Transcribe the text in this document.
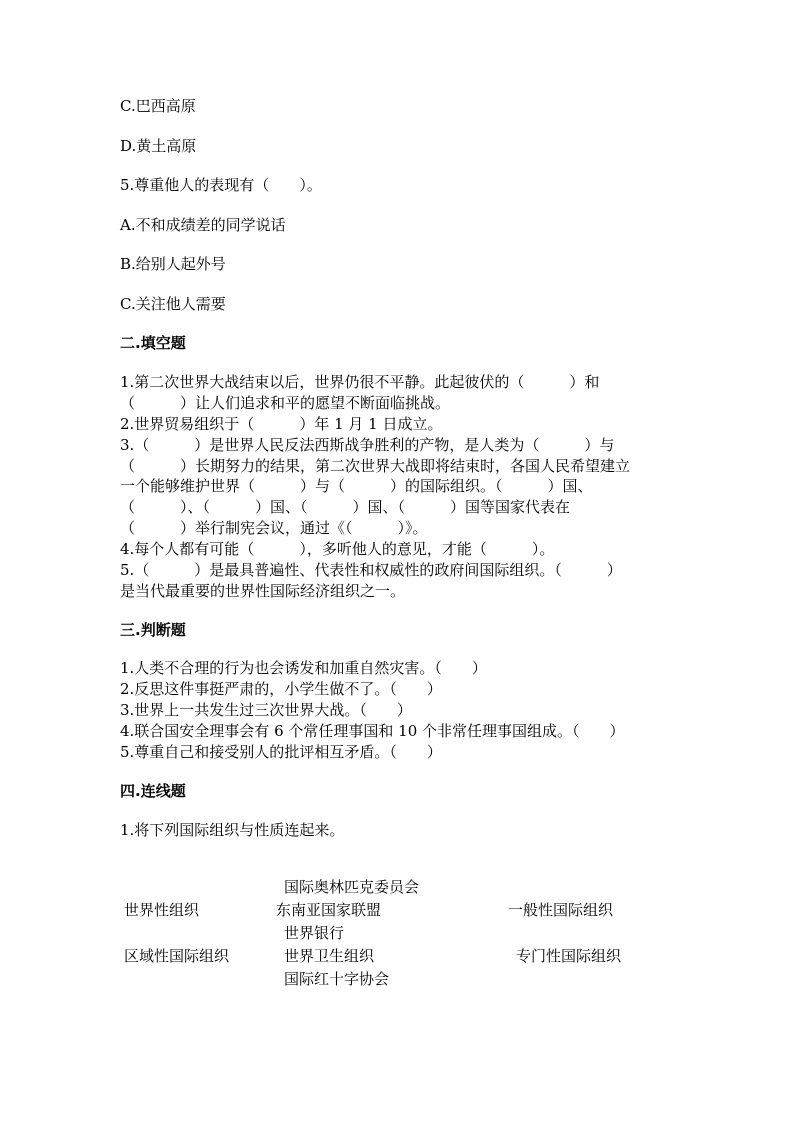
C.巴西高原
D.黄土高原
5.尊重他人的表现有（　　）。
A.不和成绩差的同学说话
B.给别人起外号
C.关注他人需要
二.填空题
1.第二次世界大战结束以后，世界仍很不平静。此起彼伏的（　　　）和
（　　　）让人们追求和平的愿望不断面临挑战。
2.世界贸易组织于（　　　）年 1 月 1 日成立。
3.（　　　）是世界人民反法西斯战争胜利的产物，是人类为（　　　）与
（　　　）长期努力的结果，第二次世界大战即将结束时，各国人民希望建立
一个能够维护世界（　　　）与（　　　）的国际组织。（　　　）国、
（　　　）、（　　　）国、（　　　）国、（　　　）国等国家代表在
（　　　）举行制宪会议，通过《（　　　）》。
4.每个人都有可能（　　　），多听他人的意见，才能（　　　）。
5.（　　　）是最具普遍性、代表性和权威性的政府间国际组织。（　　　）
是当代最重要的世界性国际经济组织之一。
三.判断题
1.人类不合理的行为也会诱发和加重自然灾害。（　　）
2.反思这件事挺严肃的，小学生做不了。（　　）
3.世界上一共发生过三次世界大战。（　　）
4.联合国安全理事会有 6 个常任理事国和 10 个非常任理事国组成。（　　）
5.尊重自己和接受别人的批评相互矛盾。（　　）
四.连线题
1.将下列国际组织与性质连起来。
国际奥林匹克委员会
世界性组织	东南亚国家联盟	一般性国际组织
世界银行
区域性国际组织	世界卫生组织	专门性国际组织
国际红十字协会
